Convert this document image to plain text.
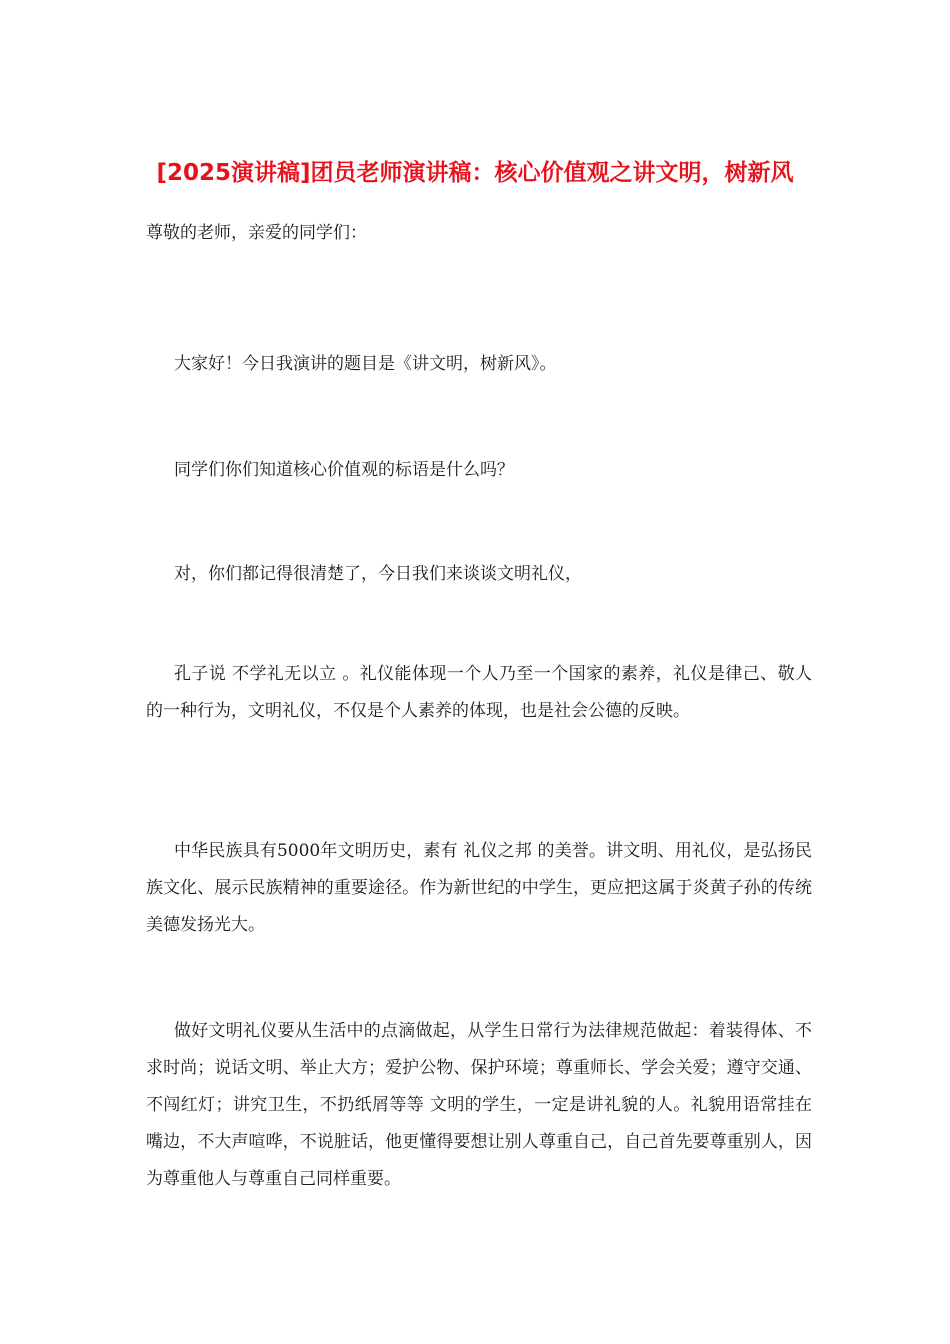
[2025演讲稿]团员老师演讲稿：核心价值观之讲文明，树新风

尊敬的老师，亲爱的同学们：

大家好！今日我演讲的题目是《讲文明，树新风》。

同学们你们知道核心价值观的标语是什么吗？

对，你们都记得很清楚了，今日我们来谈谈文明礼仪，

孔子说 不学礼无以立 。礼仪能体现一个人乃至一个国家的素养，礼仪是律己、敬人的一种行为，文明礼仪，不仅是个人素养的体现，也是社会公德的反映。

中华民族具有5000年文明历史，素有 礼仪之邦 的美誉。讲文明、用礼仪，是弘扬民族文化、展示民族精神的重要途径。作为新世纪的中学生，更应把这属于炎黄子孙的传统美德发扬光大。

做好文明礼仪要从生活中的点滴做起，从学生日常行为法律规范做起：着装得体、不求时尚；说话文明、举止大方；爱护公物、保护环境；尊重师长、学会关爱；遵守交通、不闯红灯；讲究卫生，不扔纸屑等等 文明的学生，一定是讲礼貌的人。礼貌用语常挂在嘴边，不大声喧哗，不说脏话，他更懂得要想让别人尊重自己，自己首先要尊重别人，因为尊重他人与尊重自己同样重要。
